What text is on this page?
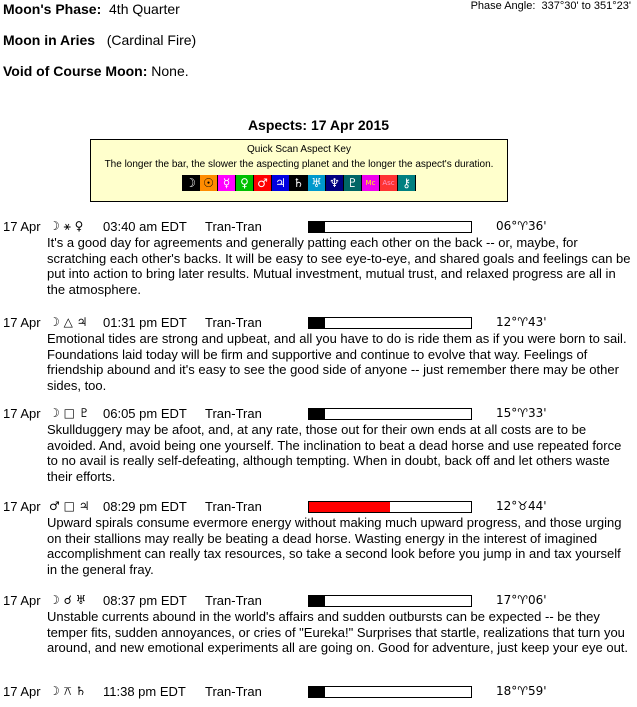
Moon's Phase: 4th Quarter	Phase Angle: 337°30' to 351°23'
Moon in Aries (Cardinal Fire)
Void of Course Moon: None.
Aspects: 17 Apr 2015
Quick Scan Aspect Key
The longer the bar, the slower the aspecting planet and the longer the aspect's duration.
☽ ☉ ☿ ♀ ♂ ♃ ♄ ♅ ♆ ♇	Mc Asc ⚷
17 Apr ☽ ⚹ ♀ 03:40 am EDT Tran-Tran	06°♈36'
It's a good day for agreements and generally patting each other on the back -- or, maybe, for scratching each other's backs. It will be easy to see eye-to-eye, and shared goals and feelings can be put into action to bring later results. Mutual investment, mutual trust, and relaxed progress are all in the atmosphere.
17 Apr ☽ △ ♃ 01:31 pm EDT Tran-Tran	12°♈43'
Emotional tides are strong and upbeat, and all you have to do is ride them as if you were born to sail. Foundations laid today will be firm and supportive and continue to evolve that way. Feelings of friendship abound and it's easy to see the good side of anyone -- just remember there may be other sides, too.
17 Apr ☽ □ ♇ 06:05 pm EDT Tran-Tran	15°♈33'
Skullduggery may be afoot, and, at any rate, those out for their own ends at all costs are to be avoided. And, avoid being one yourself. The inclination to beat a dead horse and use repeated force to no avail is really self-defeating, although tempting. When in doubt, back off and let others waste their efforts.
17 Apr ♂ □ ♃ 08:29 pm EDT Tran-Tran	12°♉44'
Upward spirals consume evermore energy without making much upward progress, and those urging on their stallions may really be beating a dead horse. Wasting energy in the interest of imagined accomplishment can really tax resources, so take a second look before you jump in and tax yourself in the general fray.
17 Apr ☽ ☌ ♅ 08:37 pm EDT Tran-Tran	17°♈06'
Unstable currents abound in the world's affairs and sudden outbursts can be expected -- be they temper fits, sudden annoyances, or cries of "Eureka!" Surprises that startle, realizations that turn you around, and new emotional experiments all are going on. Good for adventure, just keep your eye out.
17 Apr ☽ ⚻ ♄ 11:38 pm EDT Tran-Tran	18°♈59'
